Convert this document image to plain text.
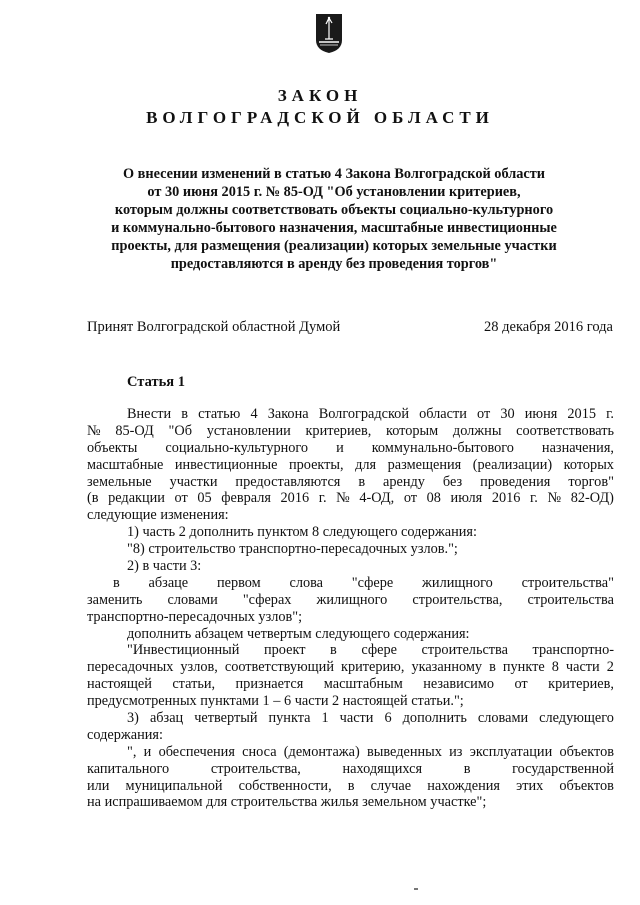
ЗАКОН
ВОЛГОГРАДСКОЙ ОБЛАСТИ
О внесении изменений в статью 4 Закона Волгоградской области
от 30 июня 2015 г. № 85-ОД "Об установлении критериев,
которым должны соответствовать объекты социально-культурного
и коммунально-бытового назначения, масштабные инвестиционные
проекты, для размещения (реализации) которых земельные участки
предоставляются в аренду без проведения торгов"
Принят Волгоградской областной Думой	28 декабря 2016 года
Статья 1
Внести в статью 4 Закона Волгоградской области от 30 июня 2015 г.
№ 85-ОД "Об установлении критериев, которым должны соответствовать
объекты социально-культурного и коммунально-бытового назначения,
масштабные инвестиционные проекты, для размещения (реализации) которых
земельные участки предоставляются в аренду без проведения торгов"
(в редакции от 05 февраля 2016 г. № 4-ОД, от 08 июля 2016 г. № 82-ОД)
следующие изменения:
1) часть 2 дополнить пунктом 8 следующего содержания:
"8) строительство транспортно-пересадочных узлов.";
2) в части 3:
в абзаце первом слова "сфере жилищного строительства"
заменить словами "сферах жилищного строительства, строительства
транспортно-пересадочных узлов";
дополнить абзацем четвертым следующего содержания:
"Инвестиционный проект в сфере строительства транспортно-
пересадочных узлов, соответствующий критерию, указанному в пункте 8 части 2
настоящей статьи, признается масштабным независимо от критериев,
предусмотренных пунктами 1 – 6 части 2 настоящей статьи.";
3) абзац четвертый пункта 1 части 6 дополнить словами следующего
содержания:
", и обеспечения сноса (демонтажа) выведенных из эксплуатации объектов
капитального	строительства,	находящихся	в	государственной
или муниципальной собственности, в случае нахождения этих объектов
на испрашиваемом для строительства жилья земельном участке";
